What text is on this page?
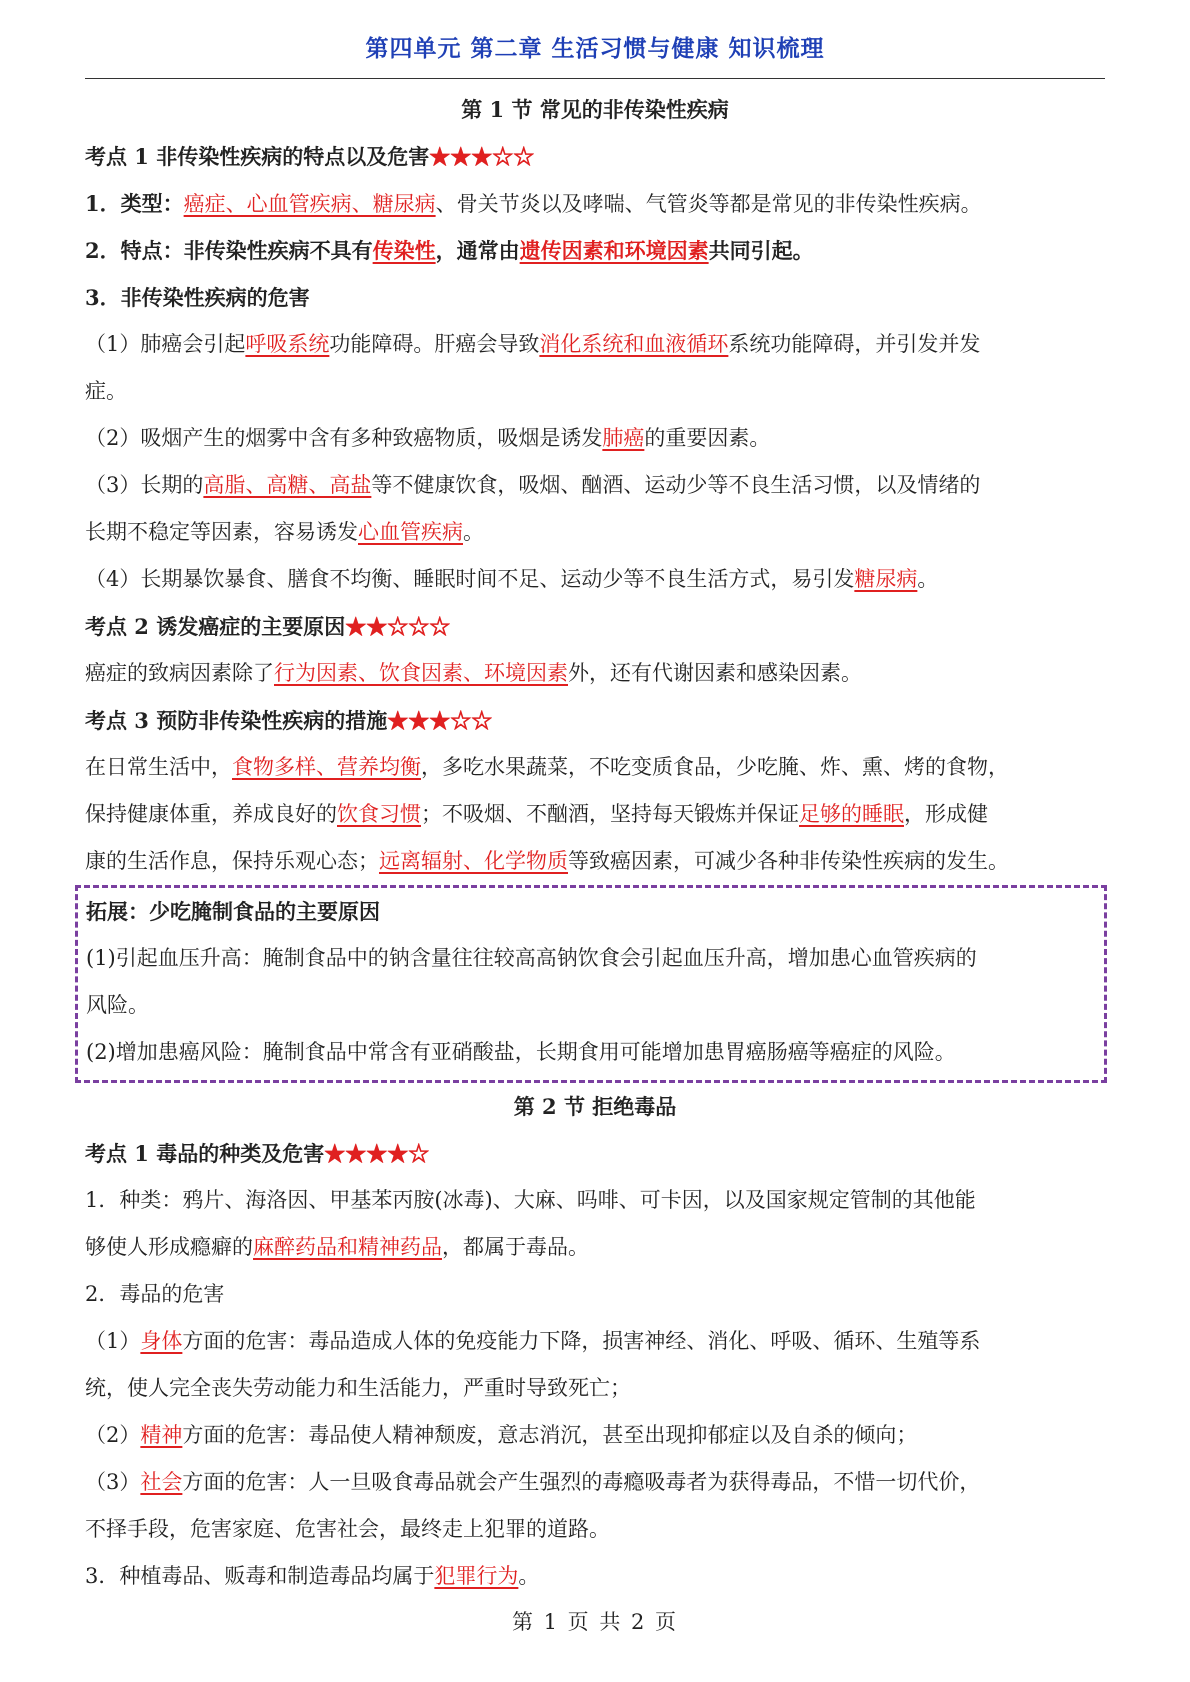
第四单元 第二章 生活习惯与健康 知识梳理
第 1 节 常见的非传染性疾病
考点 1 非传染性疾病的特点以及危害★★★☆☆
1．类型：癌症、心血管疾病、糖尿病、骨关节炎以及哮喘、气管炎等都是常见的非传染性疾病。
2．特点：非传染性疾病不具有传染性，通常由遗传因素和环境因素共同引起。
3．非传染性疾病的危害
（1）肺癌会引起呼吸系统功能障碍。肝癌会导致消化系统和血液循环系统功能障碍，并引发并发
症。
（2）吸烟产生的烟雾中含有多种致癌物质，吸烟是诱发肺癌的重要因素。
（3）长期的高脂、高糖、高盐等不健康饮食，吸烟、酗酒、运动少等不良生活习惯，以及情绪的
长期不稳定等因素，容易诱发心血管疾病。
（4）长期暴饮暴食、膳食不均衡、睡眠时间不足、运动少等不良生活方式，易引发糖尿病。
考点 2 诱发癌症的主要原因★★☆☆☆
癌症的致病因素除了行为因素、饮食因素、环境因素外，还有代谢因素和感染因素。
考点 3 预防非传染性疾病的措施★★★☆☆
在日常生活中，食物多样、营养均衡，多吃水果蔬菜，不吃变质食品，少吃腌、炸、熏、烤的食物，
保持健康体重，养成良好的饮食习惯；不吸烟、不酗酒，坚持每天锻炼并保证足够的睡眠，形成健
康的生活作息，保持乐观心态；远离辐射、化学物质等致癌因素，可减少各种非传染性疾病的发生。
拓展：少吃腌制食品的主要原因
(1)引起血压升高：腌制食品中的钠含量往往较高高钠饮食会引起血压升高，增加患心血管疾病的
风险。
(2)增加患癌风险：腌制食品中常含有亚硝酸盐，长期食用可能增加患胃癌肠癌等癌症的风险。
第 2 节 拒绝毒品
考点 1 毒品的种类及危害★★★★☆
1．种类：鸦片、海洛因、甲基苯丙胺(冰毒)、大麻、吗啡、可卡因，以及国家规定管制的其他能
够使人形成瘾癖的麻醉药品和精神药品，都属于毒品。
2．毒品的危害
（1）身体方面的危害：毒品造成人体的免疫能力下降，损害神经、消化、呼吸、循环、生殖等系
统，使人完全丧失劳动能力和生活能力，严重时导致死亡；
（2）精神方面的危害：毒品使人精神颓废，意志消沉，甚至出现抑郁症以及自杀的倾向；
（3）社会方面的危害：人一旦吸食毒品就会产生强烈的毒瘾吸毒者为获得毒品，不惜一切代价，
不择手段，危害家庭、危害社会，最终走上犯罪的道路。
3．种植毒品、贩毒和制造毒品均属于犯罪行为。
第 1 页 共 2 页
